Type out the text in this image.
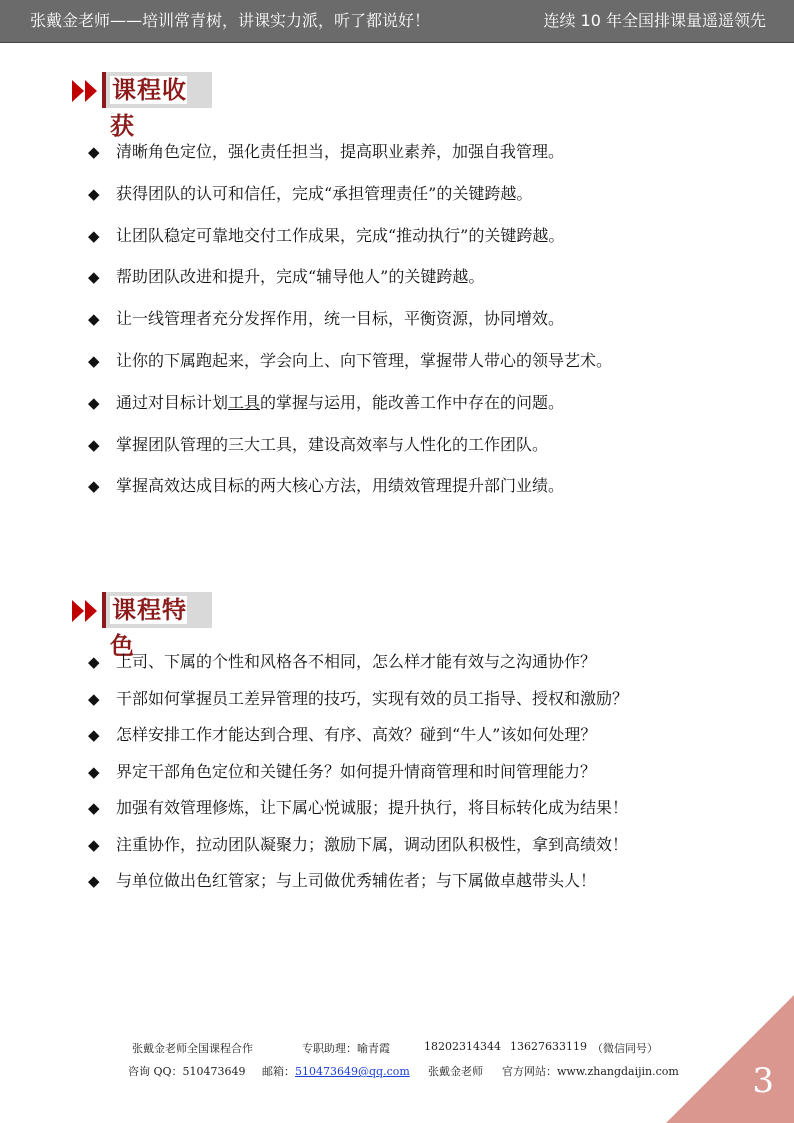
张戴金老师——培训常青树，讲课实力派，听了都说好！	连续 10 年全国排课量遥遥领先
课程收获
◆ 清晰角色定位，强化责任担当，提高职业素养，加强自我管理。
◆ 获得团队的认可和信任，完成“承担管理责任”的关键跨越。
◆ 让团队稳定可靠地交付工作成果，完成“推动执行”的关键跨越。
◆ 帮助团队改进和提升，完成“辅导他人”的关键跨越。
◆ 让一线管理者充分发挥作用，统一目标，平衡资源，协同增效。
◆ 让你的下属跑起来，学会向上、向下管理，掌握带人带心的领导艺术。
◆ 通过对目标计划工具的掌握与运用，能改善工作中存在的问题。
◆ 掌握团队管理的三大工具，建设高效率与人性化的工作团队。
◆ 掌握高效达成目标的两大核心方法，用绩效管理提升部门业绩。
课程特色
◆ 上司、下属的个性和风格各不相同，怎么样才能有效与之沟通协作？
◆ 干部如何掌握员工差异管理的技巧，实现有效的员工指导、授权和激励？
◆ 怎样安排工作才能达到合理、有序、高效？碰到“牛人”该如何处理？
◆ 界定干部角色定位和关键任务？如何提升情商管理和时间管理能力？
◆ 加强有效管理修炼，让下属心悦诚服；提升执行，将目标转化成为结果！
◆ 注重协作，拉动团队凝聚力；激励下属，调动团队积极性，拿到高绩效！
◆ 与单位做出色红管家；与上司做优秀辅佐者；与下属做卓越带头人！
张戴金老师全国课程合作	专职助理：喻青霞	18202314344 13627633119 （微信同号）
咨询 QQ：510473649 邮箱：510473649@qq.com 张戴金老师 官方网站：www.zhangdaijin.com 3
